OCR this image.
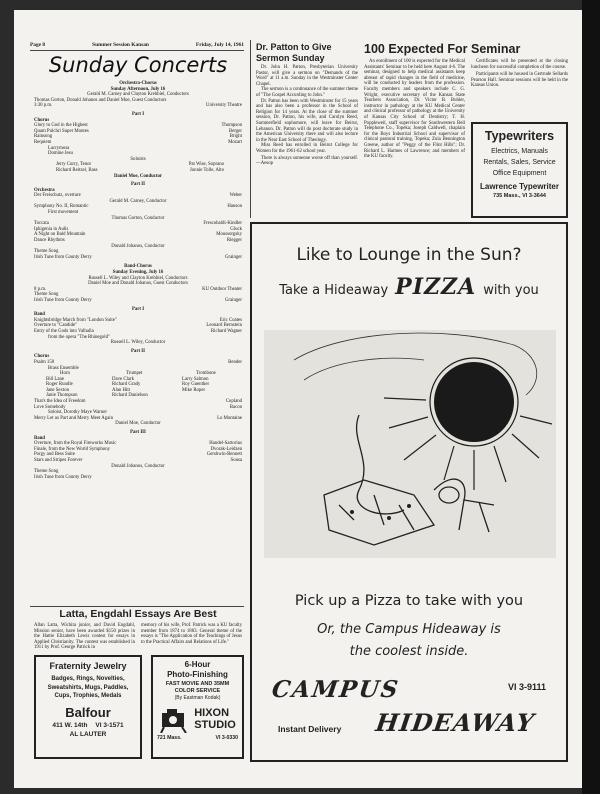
Page 8	Summer Session Kansan	Friday, July 14, 1961
Sunday Concerts
Orchestra-Chorus
Sunday Afternoon, July 16
Gerald M. Carney and Clayton Krehbiel, Conductors
Thomas Gorton, Donald Johanos and Daniel Moe, Guest Conductors
3:30 p.m.	University Theatre
Part I
Chorus
Glory to God in the Highest	Thompson
Quam Pulchri Super Montes	Berger
Rainsong	Bright
Requiem	Mozart
Lacrymosa
Domine Jesu
Soloists
Jerry Curry, Tenor	Pat Wise, Soprano
Richard Reitzel, Bass	Jonnie Tolle, Alto
Daniel Moe, Conductor
Part II
Orchestra
Der Freischutz, overture	Weber
Gerald M. Carney, Conductor
Symphony No. II, Romantic	Hanson
First movement
Thomas Gorton, Conductor
Toccata	Frescobaldi-Kindler
Iphigenia in Aulis	Gluck
A Night on Bald Mountain	Moussorgsky
Dance Rhythms	Riegger
Donald Johanos, Conductor
Theme Song
Irish Tune from County Derry	Grainger
Band-Chorus
Sunday Evening, July 16
Russell L. Wiley and Clayton Krehbiel, Conductors
Daniel Moe and Donald Johanos, Guest Conductors
8 p.m.	KU Outdoor Theater
Theme Song
Irish Tune from County Derry	Grainger
Part I
Band
Knightsbridge March from "London Suite"	Eric Coates
Overture to "Candide"	Leonard Bernstein
Entry of the Gods into Valhalla	Richard Wagner
from the opera "The Rhinegold"
Russell L. Wiley, Conductor
Part II
Chorus
Psalm 150	Bender
Brass Ensemble
Horn	Trumpet	Trombone
Bill Lane	Dave Clark	Larry Salmon
Roger Rundle	Richard Grady	Roy Guenther
Jane Sexton	Alan Hitt	Mike Roper
Janie Thompson	Richard Danielson
That's the Idea of Freedom	Copland
Love Somebody	Bacon
Soloist, Dorothy Maye Warner
Merry Let us Part and Merry Meet Again	Lo Montaine
Daniel Moe, Conductor
Part III
Band
Overture, from the Royal Fireworks Music	Handel-Sartorius
Finale, from the New World Symphony	Dvorak-Leidzen
Porgy and Bess Suite	Gershwin-Bennett
Stars and Stripes Forever	Sousa
Donald Johanos, Conductor
Theme Song
Irish Tune from County Derry
Latta, Engdahl Essays Are Best
Allan Latta, Wichita junior, and David Engdahl, Mission senior, have been awarded $150 prizes in the Hattie Elizabeth Lewis contest for essays in Applied Christianity. The contest was established in 1911 by Prof. George Patrick in
memory of his wife, Prof. Patrick was a KU faculty member from 1874 to 1883. General theme of the essays is "The Application of the Teachings of Jesus to the Practical Affairs and Relations of Life."
Fraternity Jewelry
Badges, Rings, Novelties,
Sweatshirts, Mugs, Paddles,
Cups, Trophies, Medals
Balfour
411 W. 14th VI 3-1571
AL LAUTER
6-Hour
Photo-Finishing
FAST MOVIE AND 35MM
COLOR SERVICE
(By Eastman Kodak)
HIXON
STUDIO
721 Mass.	VI 3-0330
Dr. Patton to Give Sermon Sunday

Dr. John H. Patton, Presbyterian University Pastor, will give a sermon on "Demands of the Word" at 11 a.m. Sunday in the Westminster Center Chapel.

The sermon is a continuance of the summer theme of "The Gospel According to John."

Dr. Patton has been with Westminster for 15 years and has also been a professor in the School of Religion for 14 years. At the close of the summer session, Dr. Patton, his wife, and Carolyn Reed, Summerfield sophomore, will leave for Beirut, Lebanon. Dr. Patton will do post doctorate study in the American University there and will also lecture in the Near East School of Theology.

Miss Reed has enrolled in Beirut College for Women for the 1961-62 school year.

There is always someone worse off than yourself.—Aesop

100 Expected For Seminar
An enrollment of 100 is expected for the Medical Assistants' Seminar to be held here August 4-6. The seminar, designed to help medical assistants keep abreast of rapid changes in the field of medicine, will be conducted by leaders from the profession. Faculty members and speakers include C. G. Wright, executive secretary of the Kansas State Teachers Association, Dr. Victor B. Buhler, instructor in pathology at the KU Medical Center and clinical professor of pathology at the University of Kansas City School of Dentistry; T. H. Poppleweil, staff supervisor for Southwestern Bell Telephone Co., Topeka; Joseph Caldwell, chaplain for the Boys Industrial School and supervisor of clinical pastoral training, Topeka; Zula Bennington Greene, author of "Peggy of the Flint Hills"; Dr. Richard L. Harmes of Lawrence; and members of the KU faculty.
Certificates will be presented at the closing luncheon for successful completion of the course.
Participants will be housed in Gertrude Sellards Pearson Hall. Seminar sessions will be held in the Kansas Union.
Typewriters
Electrics, Manuals
Rentals, Sales, Service
Office Equipment
Lawrence Typewriter
735 Mass., VI 3-3644
Like to Lounge in the Sun?
Take a Hideaway PIZZA with you
Pick up a Pizza to take with you
Or, the Campus Hideaway is
the coolest inside.
CAMPUS	VI 3-9111
Instant Delivery HIDEAWAY
